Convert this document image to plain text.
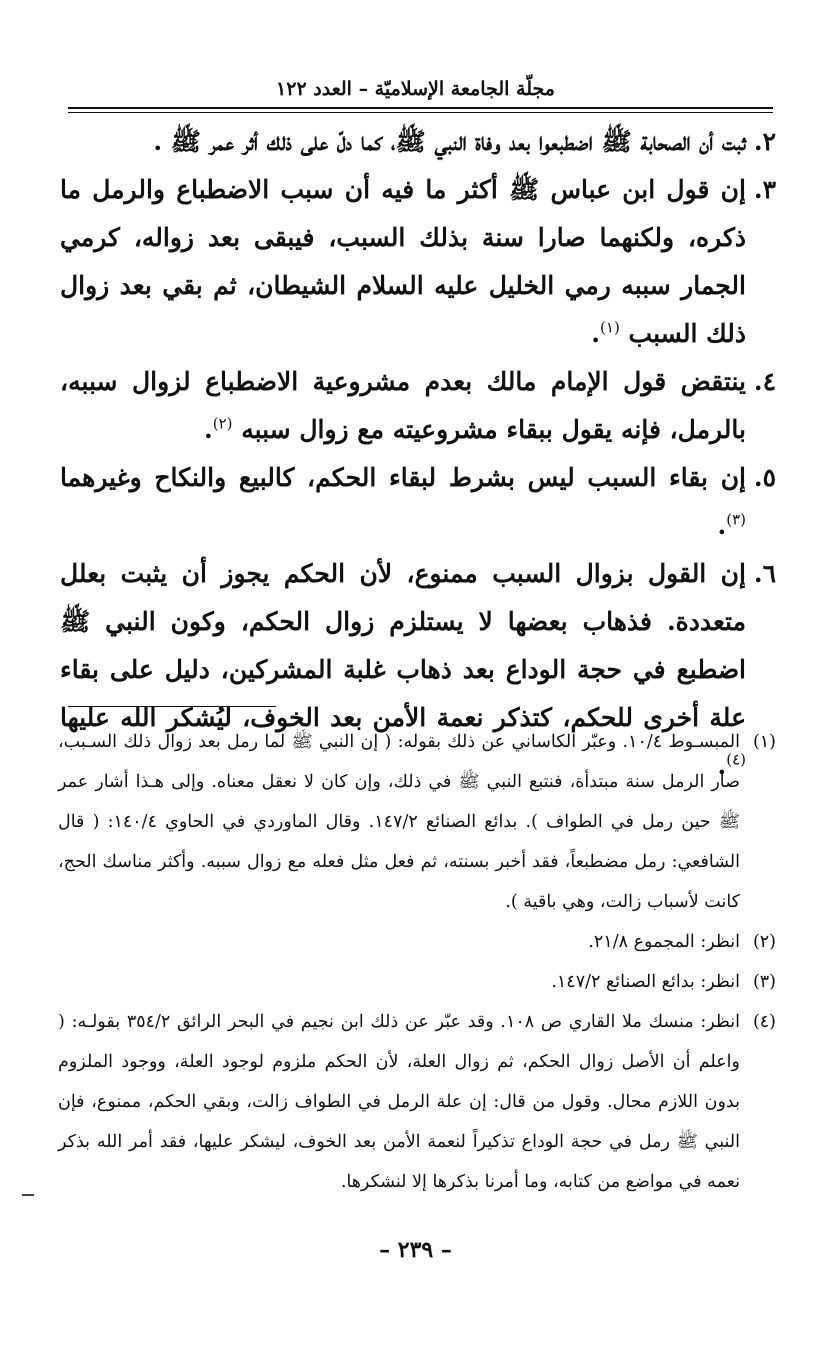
مجلّة الجامعة الإسلاميّة – العدد ١٢٢
٢.
ثبت أن الصحابة ﷺ اضطبعوا بعد وفاة النبي ﷺ، كما دلّ على ذلك أثر عمر ﷺ .
٣.
إن قول ابن عباس ﷺ أكثر ما فيه أن سبب الاضطباع والرمل ما ذكره، ولكنهما صارا سنة بذلك السبب، فيبقى بعد زواله، كرمي الجمار سببه رمي الخليل عليه السلام الشيطان، ثم بقي بعد زوال ذلك السبب $^{(١)}$.
٤.
ينتقض قول الإمام مالك بعدم مشروعية الاضطباع لزوال سببه، بالرمل، فإنه يقول ببقاء مشروعيته مع زوال سببه $^{(٢)}$.
٥.
إن بقاء السبب ليس بشرط لبقاء الحكم، كالبيع والنكاح وغيرهما $^{(٣)}$.
٦.
إن القول بزوال السبب ممنوع، لأن الحكم يجوز أن يثبت بعلل متعددة. فذهاب بعضها لا يستلزم زوال الحكم، وكون النبي ﷺ اضطبع في حجة الوداع بعد ذهاب غلبة المشركين، دليل على بقاء علة أخرى للحكم، كتذكر نعمة الأمن بعد الخوف، ليُشكر الله عليها $^{(٤)}$.
(١)
المبسـوط ١٠/٤. وعبّر الكاساني عن ذلك بقوله: ( إن النبي ﷺ لما رمل بعد زوال ذلك السـبب، صار الرمل سنة مبتدأة، فنتبع النبي ﷺ في ذلك، وإن كان لا نعقل معناه. وإلى هـذا أشار عمر ﷺ حين رمل في الطواف ). بدائع الصنائع ١٤٧/٢. وقال الماوردي في الحاوي ١٤٠/٤: ( قال الشافعي: رمل مضطبعاً، فقد أخبر بسنته، ثم فعل مثل فعله مع زوال سببه. وأكثر مناسك الحج، كانت لأسباب زالت، وهي باقية ).
(٢)
انظر: المجموع ٢١/٨.
(٣)
انظر: بدائع الصنائع ١٤٧/٢.
(٤)
انظر: منسك ملا القاري ص ١٠٨. وقد عبّر عن ذلك ابن نجيم في البحر الرائق ٣٥٤/٢ بقولـه: ( واعلم أن الأصل زوال الحكم، ثم زوال العلة، لأن الحكم ملزوم لوجود العلة، ووجود الملزوم بدون اللازم محال. وقول من قال: إن علة الرمل في الطواف زالت، وبقي الحكم، ممنوع، فإن النبي ﷺ رمل في حجة الوداع تذكيراً لنعمة الأمن بعد الخوف، ليشكر عليها، فقد أمر الله بذكر نعمه في مواضع من كتابه، وما أمرنا بذكرها إلا لنشكرها.
– ٢٣٩ –
